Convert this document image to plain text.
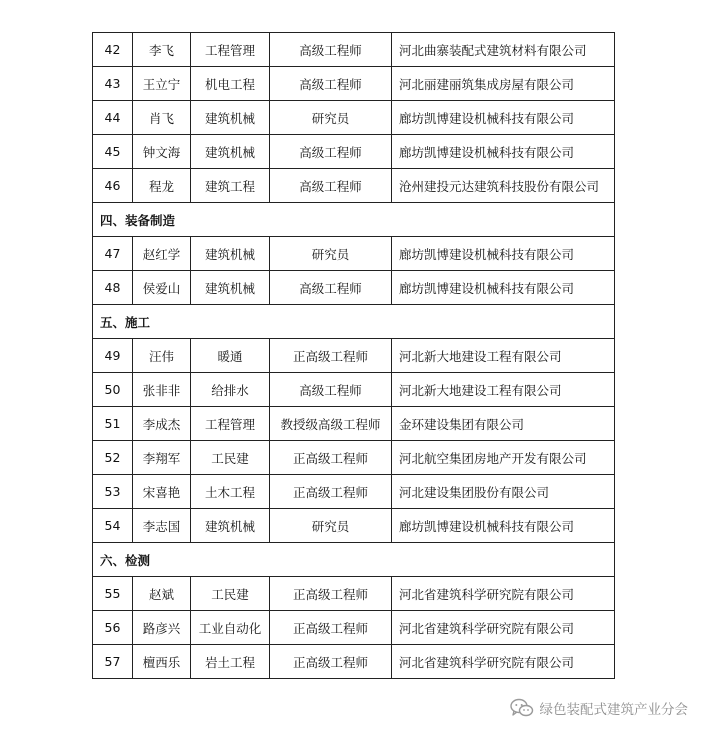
42	李飞	工程管理	高级工程师	河北曲寨装配式建筑材料有限公司
43	王立宁	机电工程	高级工程师	河北丽建丽筑集成房屋有限公司
44	肖飞	建筑机械	研究员	廊坊凯博建设机械科技有限公司
45	钟文海	建筑机械	高级工程师	廊坊凯博建设机械科技有限公司
46	程龙	建筑工程	高级工程师	沧州建投元达建筑科技股份有限公司
四、装备制造				
47	赵红学	建筑机械	研究员	廊坊凯博建设机械科技有限公司
48	侯爱山	建筑机械	高级工程师	廊坊凯博建设机械科技有限公司
五、施工				
49	汪伟	暖通	正高级工程师	河北新大地建设工程有限公司
50	张非非	给排水	高级工程师	河北新大地建设工程有限公司
51	李成杰	工程管理	教授级高级工程师	金环建设集团有限公司
52	李翔军	工民建	正高级工程师	河北航空集团房地产开发有限公司
53	宋喜艳	土木工程	正高级工程师	河北建设集团股份有限公司
54	李志国	建筑机械	研究员	廊坊凯博建设机械科技有限公司
六、检测				
55	赵斌	工民建	正高级工程师	河北省建筑科学研究院有限公司
56	路彦兴	工业自动化	正高级工程师	河北省建筑科学研究院有限公司
57	檀西乐	岩土工程	正高级工程师	河北省建筑科学研究院有限公司
绿色装配式建筑产业分会
